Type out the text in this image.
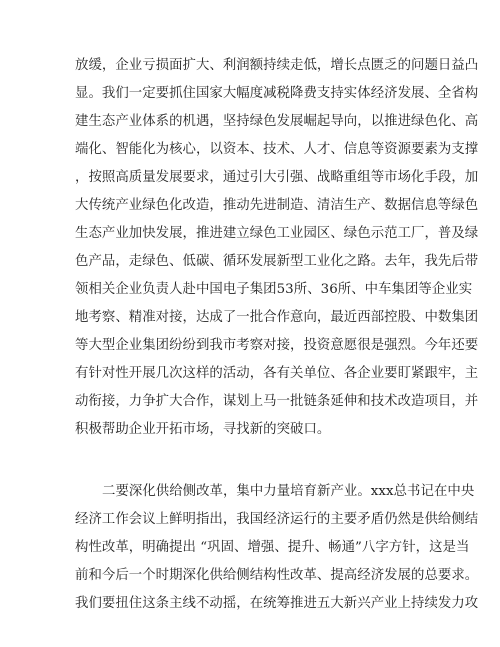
放缓，企业亏损面扩大、利润额持续走低，增长点匮乏的问题日益凸
显。我们一定要抓住国家大幅度减税降费支持实体经济发展、全省构
建生态产业体系的机遇，坚持绿色发展崛起导向，以推进绿色化、高
端化、智能化为核心，以资本、技术、人才、信息等资源要素为支撑
，按照高质量发展要求，通过引大引强、战略重组等市场化手段，加
大传统产业绿色化改造，推动先进制造、清洁生产、数据信息等绿色
生态产业加快发展，推进建立绿色工业园区、绿色示范工厂，普及绿
色产品，走绿色、低碳、循环发展新型工业化之路。去年，我先后带
领相关企业负责人赴中国电子集团53所、36所、中车集团等企业实
地考察、精准对接，达成了一批合作意向，最近西部控股、中数集团
等大型企业集团纷纷到我市考察对接，投资意愿很是强烈。今年还要
有针对性开展几次这样的活动，各有关单位、各企业要盯紧跟牢，主
动衔接，力争扩大合作，谋划上马一批链条延伸和技术改造项目，并
积极帮助企业开拓市场，寻找新的突破口。
二要深化供给侧改革，集中力量培育新产业。xxx总书记在中央
经济工作会议上鲜明指出，我国经济运行的主要矛盾仍然是供给侧结
构性改革，明确提出 “巩固、增强、提升、畅通”八字方针，这是当
前和今后一个时期深化供给侧结构性改革、提高经济发展的总要求。
我们要扭住这条主线不动摇，在统筹推进五大新兴产业上持续发力攻
